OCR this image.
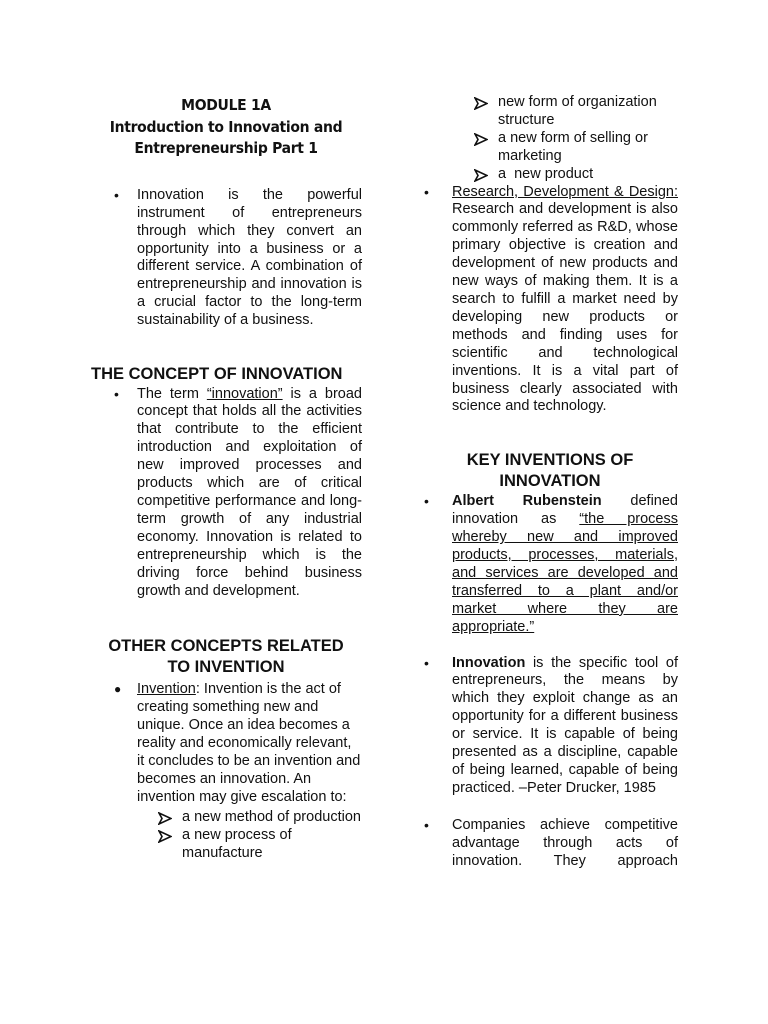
MODULE 1A
Introduction to Innovation and
Entrepreneurship Part 1
• Innovation is the powerful instrument of entrepreneurs through which they convert an opportunity into a business or a different service. A combination of entrepreneurship and innovation is a crucial factor to the long-term sustainability of a business.
THE CONCEPT OF INNOVATION
• The term “innovation” is a broad concept that holds all the activities that contribute to the efficient introduction and exploitation of new improved processes and products which are of critical competitive performance and long- term growth of any industrial economy. Innovation is related to entrepreneurship which is the driving force behind business growth and development.
OTHER CONCEPTS RELATED
TO INVENTION
● Invention: Invention is the act of creating something new and unique. Once an idea becomes a reality and economically relevant, it concludes to be an invention and becomes an innovation. An invention may give escalation to:
a new method of production
a new process of manufacture
new form of organization structure
a new form of selling or marketing
a  new product
• Research, Development & Design: Research and development is also commonly referred as R&D, whose primary objective is creation and development of new products and new ways of making them. It is a search to fulfill a market need by developing new products or methods and finding uses for scientific and technological inventions. It is a vital part of business clearly associated with science and technology.
KEY INVENTIONS OF
INNOVATION
• Albert Rubenstein defined innovation as “the process whereby new and improved products, processes, materials, and services are developed and transferred to a plant and/or market where they are appropriate.”
• Innovation is the specific tool of entrepreneurs, the means by which they exploit change as an opportunity for a different business or service. It is capable of being presented as a discipline, capable of being learned, capable of being practiced. –Peter Drucker, 1985
• Companies achieve competitive advantage through acts of innovation. They approach
